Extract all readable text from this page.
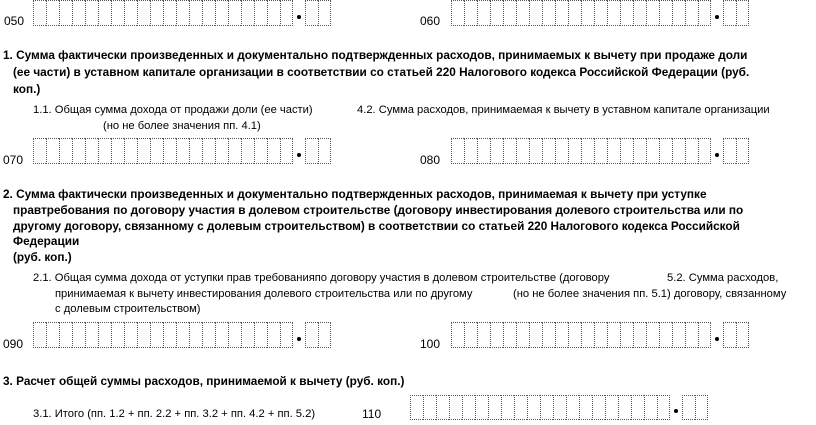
050	060
1. Сумма фактически произведенных и документально подтвержденных расходов, принимаемых к вычету при продаже доли
(ее части) в уставном капитале организации в соответствии со статьей 220 Налогового кодекса Российской Федерации (руб.
коп.)
1.1. Общая сумма дохода от продажи доли (ее части)	4.2. Сумма расходов, принимаемая к вычету в уставном капитале организации
(но не более значения пп. 4.1)
070	080
2. Сумма фактически произведенных и документально подтвержденных расходов, принимаемая к вычету при уступке
правтребования по договору участия в долевом строительстве (договору инвестирования долевого строительства или по
другому договору, связанному с долевым строительством) в соответствии со статьей 220 Налогового кодекса Российской
Федерации
(руб. коп.)
2.1. Общая сумма дохода от уступки прав требованияпо договору участия в долевом строительстве (договору	5.2. Сумма расходов,
принимаемая к вычету инвестирования долевого строительства или по другому	(но не более значения пп. 5.1) договору, связанному
с долевым строительством)
090	100
3. Расчет общей суммы расходов, принимаемой к вычету (руб. коп.)
3.1. Итого (пп. 1.2 + пп. 2.2 + пп. 3.2 + пп. 4.2 + пп. 5.2)	110
